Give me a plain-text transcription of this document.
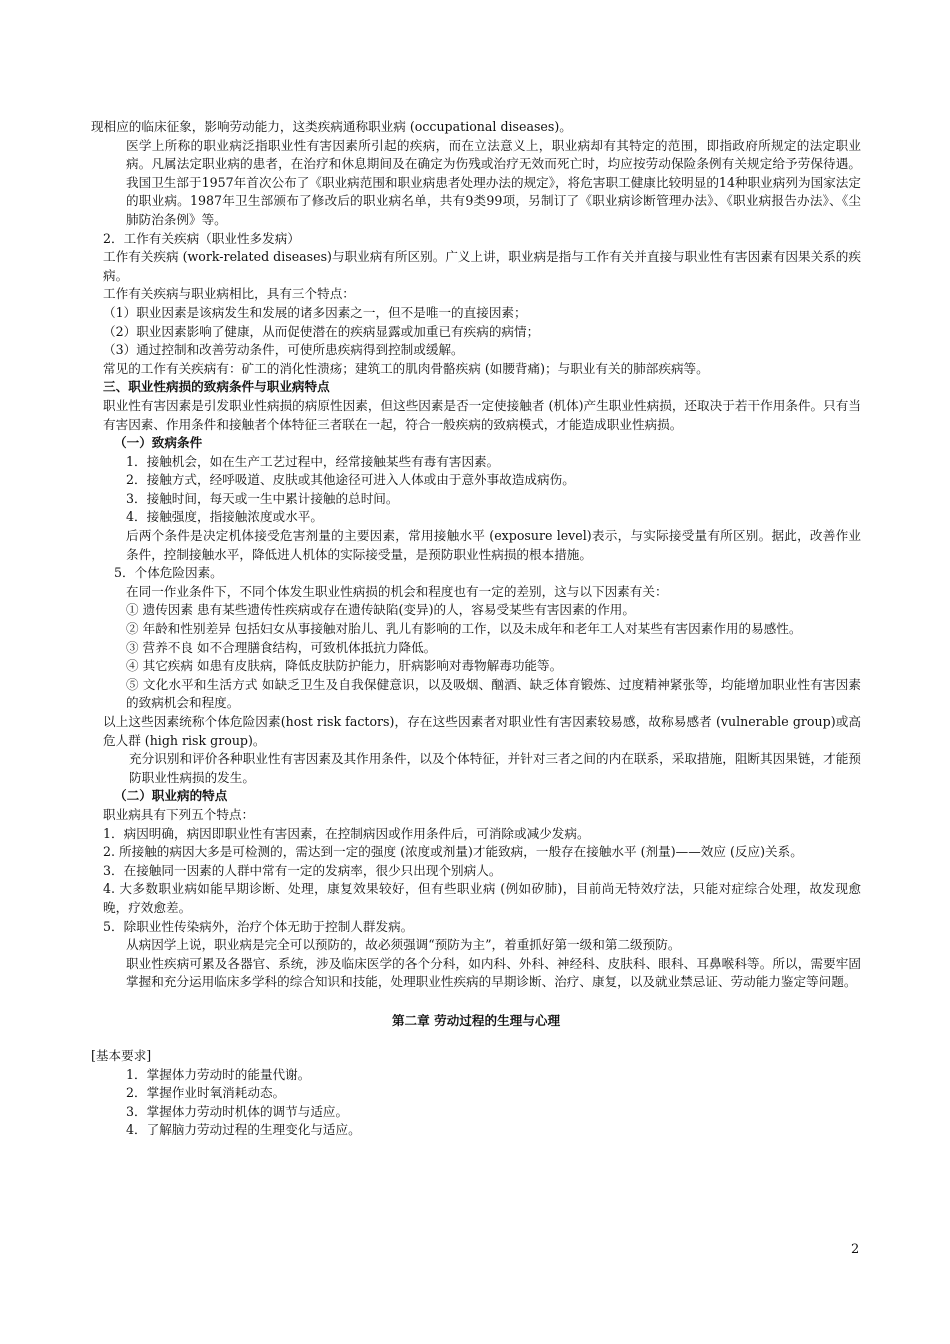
现相应的临床征象，影响劳动能力，这类疾病通称职业病 (occupational diseases)。
医学上所称的职业病泛指职业性有害因素所引起的疾病，而在立法意义上，职业病却有其特定的范围，即指政府所规定的法定职业病。凡属法定职业病的患者，在治疗和休息期间及在确定为伤残或治疗无效而死亡时，均应按劳动保险条例有关规定给予劳保待遇。我国卫生部于1957年首次公布了《职业病范围和职业病患者处理办法的规定》，将危害职工健康比较明显的14种职业病列为国家法定的职业病。1987年卫生部颁布了修改后的职业病名单，共有9类99项，另制订了《职业病诊断管理办法》、《职业病报告办法》、《尘肺防治条例》等。
2．工作有关疾病（职业性多发病）
工作有关疾病 (work-related diseases)与职业病有所区别。广义上讲，职业病是指与工作有关并直接与职业性有害因素有因果关系的疾病。
工作有关疾病与职业病相比，具有三个特点：
（1）职业因素是该病发生和发展的诸多因素之一，但不是唯一的直接因素；
（2）职业因素影响了健康，从而促使潜在的疾病显露或加重已有疾病的病情；
（3）通过控制和改善劳动条件，可使所患疾病得到控制或缓解。
常见的工作有关疾病有：矿工的消化性溃疡；建筑工的肌肉骨骼疾病 (如腰背痛)；与职业有关的肺部疾病等。
三、职业性病损的致病条件与职业病特点
职业性有害因素是引发职业性病损的病原性因素，但这些因素是否一定使接触者 (机体)产生职业性病损，还取决于若干作用条件。只有当有害因素、作用条件和接触者个体特征三者联在一起，符合一般疾病的致病模式，才能造成职业性病损。
（一）致病条件
1．接触机会，如在生产工艺过程中，经常接触某些有毒有害因素。
2．接触方式，经呼吸道、皮肤或其他途径可进入人体或由于意外事故造成病伤。
3．接触时间，每天或一生中累计接触的总时间。
4．接触强度，指接触浓度或水平。
后两个条件是决定机体接受危害剂量的主要因素，常用接触水平 (exposure level)表示，与实际接受量有所区别。据此，改善作业条件，控制接触水平，降低进人机体的实际接受量，是预防职业性病损的根本措施。
5．个体危险因素。
在同一作业条件下，不同个体发生职业性病损的机会和程度也有一定的差别，这与以下因素有关：
① 遗传因素 患有某些遗传性疾病或存在遗传缺陷(变异)的人，容易受某些有害因素的作用。
② 年龄和性别差异 包括妇女从事接触对胎儿、乳儿有影响的工作，以及未成年和老年工人对某些有害因素作用的易感性。
③ 营养不良 如不合理膳食结构，可致机体抵抗力降低。
④ 其它疾病 如患有皮肤病，降低皮肤防护能力，肝病影响对毒物解毒功能等。
⑤ 文化水平和生活方式 如缺乏卫生及自我保健意识，以及吸烟、酗酒、缺乏体育锻炼、过度精神紧张等，均能增加职业性有害因素的致病机会和程度。
以上这些因素统称个体危险因素(host risk factors)，存在这些因素者对职业性有害因素较易感，故称易感者 (vulnerable group)或高危人群 (high risk group)。
充分识别和评价各种职业性有害因素及其作用条件，以及个体特征，并针对三者之间的内在联系，采取措施，阻断其因果链，才能预防职业性病损的发生。
（二）职业病的特点
职业病具有下列五个特点：
1．病因明确，病因即职业性有害因素，在控制病因或作用条件后，可消除或减少发病。
2. 所接触的病因大多是可检测的，需达到一定的强度 (浓度或剂量)才能致病，一般存在接触水平 (剂量)——效应 (反应)关系。
3．在接触同一因素的人群中常有一定的发病率，很少只出现个别病人。
4. 大多数职业病如能早期诊断、处理，康复效果较好，但有些职业病 (例如矽肺)，目前尚无特效疗法，只能对症综合处理，故发现愈晚，疗效愈差。
5．除职业性传染病外，治疗个体无助于控制人群发病。
从病因学上说，职业病是完全可以预防的，故必须强调“预防为主”，着重抓好第一级和第二级预防。
职业性疾病可累及各器官、系统，涉及临床医学的各个分科，如内科、外科、神经科、皮肤科、眼科、耳鼻喉科等。所以，需要牢固掌握和充分运用临床多学科的综合知识和技能，处理职业性疾病的早期诊断、治疗、康复，以及就业禁忌证、劳动能力鉴定等问题。
第二章 劳动过程的生理与心理
[基本要求]
1．掌握体力劳动时的能量代谢。
2．掌握作业时氧消耗动态。
3．掌握体力劳动时机体的调节与适应。
4．了解脑力劳动过程的生理变化与适应。
2
